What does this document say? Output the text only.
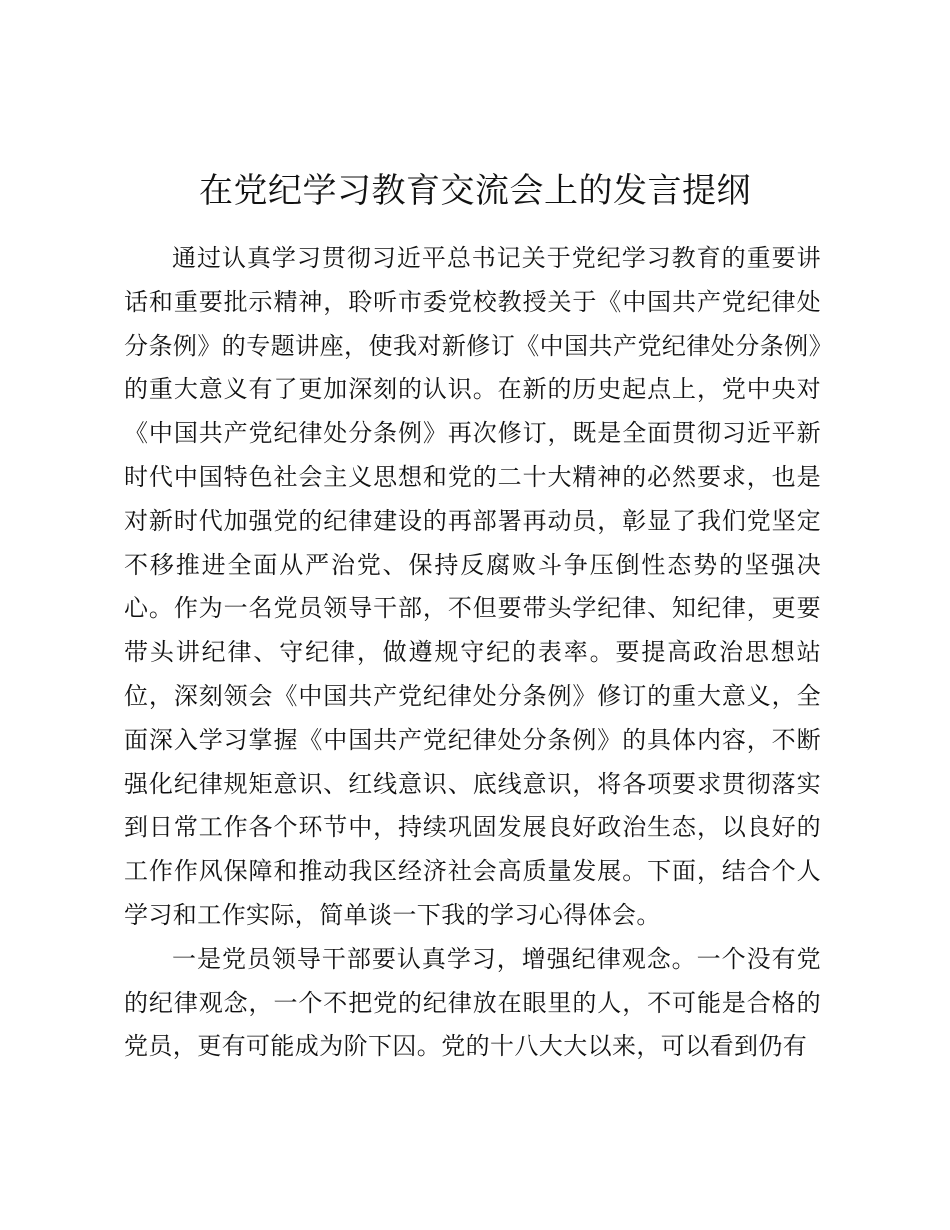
在党纪学习教育交流会上的发言提纲

通过认真学习贯彻习近平总书记关于党纪学习教育的重要讲话和重要批示精神，聆听市委党校教授关于《中国共产党纪律处分条例》的专题讲座，使我对新修订《中国共产党纪律处分条例》的重大意义有了更加深刻的认识。在新的历史起点上，党中央对《中国共产党纪律处分条例》再次修订，既是全面贯彻习近平新时代中国特色社会主义思想和党的二十大精神的必然要求，也是对新时代加强党的纪律建设的再部署再动员，彰显了我们党坚定不移推进全面从严治党、保持反腐败斗争压倒性态势的坚强决心。作为一名党员领导干部，不但要带头学纪律、知纪律，更要带头讲纪律、守纪律，做遵规守纪的表率。要提高政治思想站位，深刻领会《中国共产党纪律处分条例》修订的重大意义，全面深入学习掌握《中国共产党纪律处分条例》的具体内容，不断强化纪律规矩意识、红线意识、底线意识，将各项要求贯彻落实到日常工作各个环节中，持续巩固发展良好政治生态，以良好的工作作风保障和推动我区经济社会高质量发展。下面，结合个人学习和工作实际，简单谈一下我的学习心得体会。

一是党员领导干部要认真学习，增强纪律观念。一个没有党的纪律观念，一个不把党的纪律放在眼里的人，不可能是合格的党员，更有可能成为阶下囚。党的十八大大以来，可以看到仍有
